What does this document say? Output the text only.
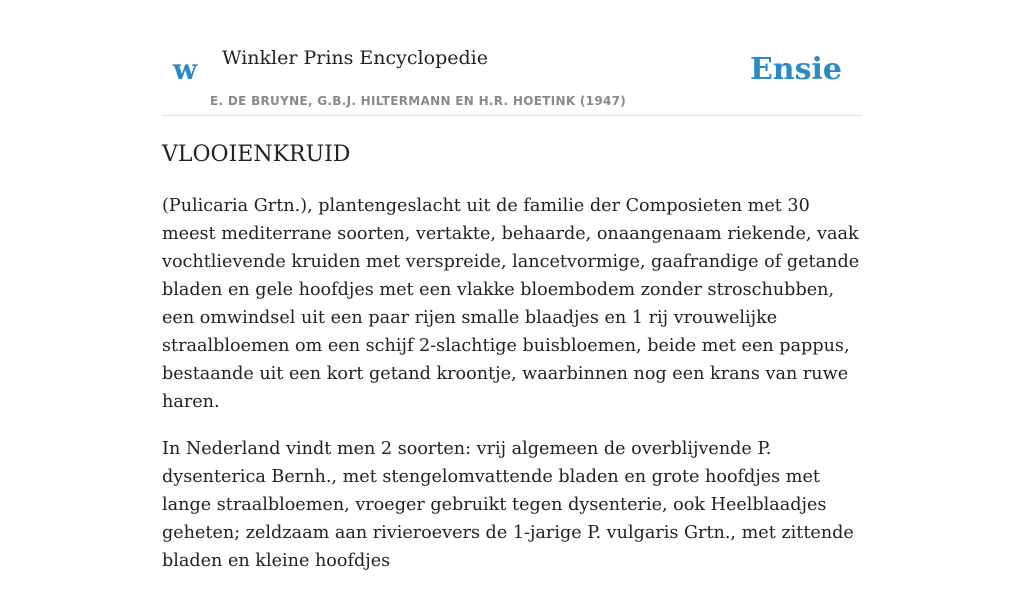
w Winkler Prins Encyclopedie	Ensie
E. DE BRUYNE, G.B.J. HILTERMANN EN H.R. HOETINK (1947)
VLOOIENKRUID

(Pulicaria Grtn.), plantengeslacht uit de familie der Composieten met 30 meest mediterrane soorten, vertakte, behaarde, onaangenaam riekende, vaak vochtlievende kruiden met verspreide, lancetvormige, gaafrandige of getande bladen en gele hoofdjes met een vlakke bloembodem zonder stroschubben, een omwindsel uit een paar rijen smalle blaadjes en 1 rij vrouwelijke straalbloemen om een schijf 2-slachtige buisbloemen, beide met een pappus, bestaande uit een kort getand kroontje, waarbinnen nog een krans van ruwe haren.

In Nederland vindt men 2 soorten: vrij algemeen de overblijvende P. dysenterica Bernh., met stengelomvattende bladen en grote hoofdjes met lange straalbloemen, vroeger gebruikt tegen dysenterie, ook Heelblaadjes geheten; zeldzaam aan rivieroevers de 1-jarige P. vulgaris Grtn., met zittende bladen en kleine hoofdjes
